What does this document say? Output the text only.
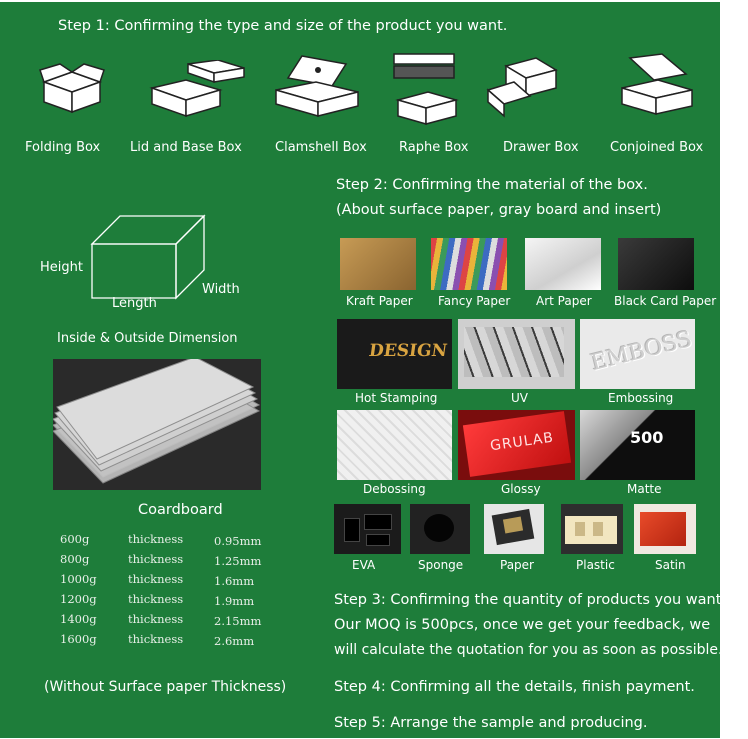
Step 1: Confirming the type and size of the product you want.
Folding Box Lid and Base Box	Clamshell Box Raphe Box	Drawer Box Conjoined Box
Step 2: Confirming the material of the box.
(About surface paper, gray board and insert)
Height
Width
Length
Inside & Outside Dimension
Coardboard
600g	thickness	0.95mm
800g	thickness	1.25mm
1000g	thickness	1.6mm
1200g	thickness	1.9mm
1400g	thickness	2.15mm
1600g	thickness	2.6mm
(Without Surface paper Thickness)
Kraft Paper Fancy Paper Art Paper Black Card Paper
DESIGN	EMBOSS
Hot Stamping	UV	Embossing
GRULAB	500
Debossing	Glossy	Matte
EVA	Sponge	Paper	Plastic	Satin
Step 3: Confirming the quantity of products you want.
Our MOQ is 500pcs, once we get your feedback, we
will calculate the quotation for you as soon as possible.
Step 4: Confirming all the details, finish payment.
Step 5: Arrange the sample and producing.
